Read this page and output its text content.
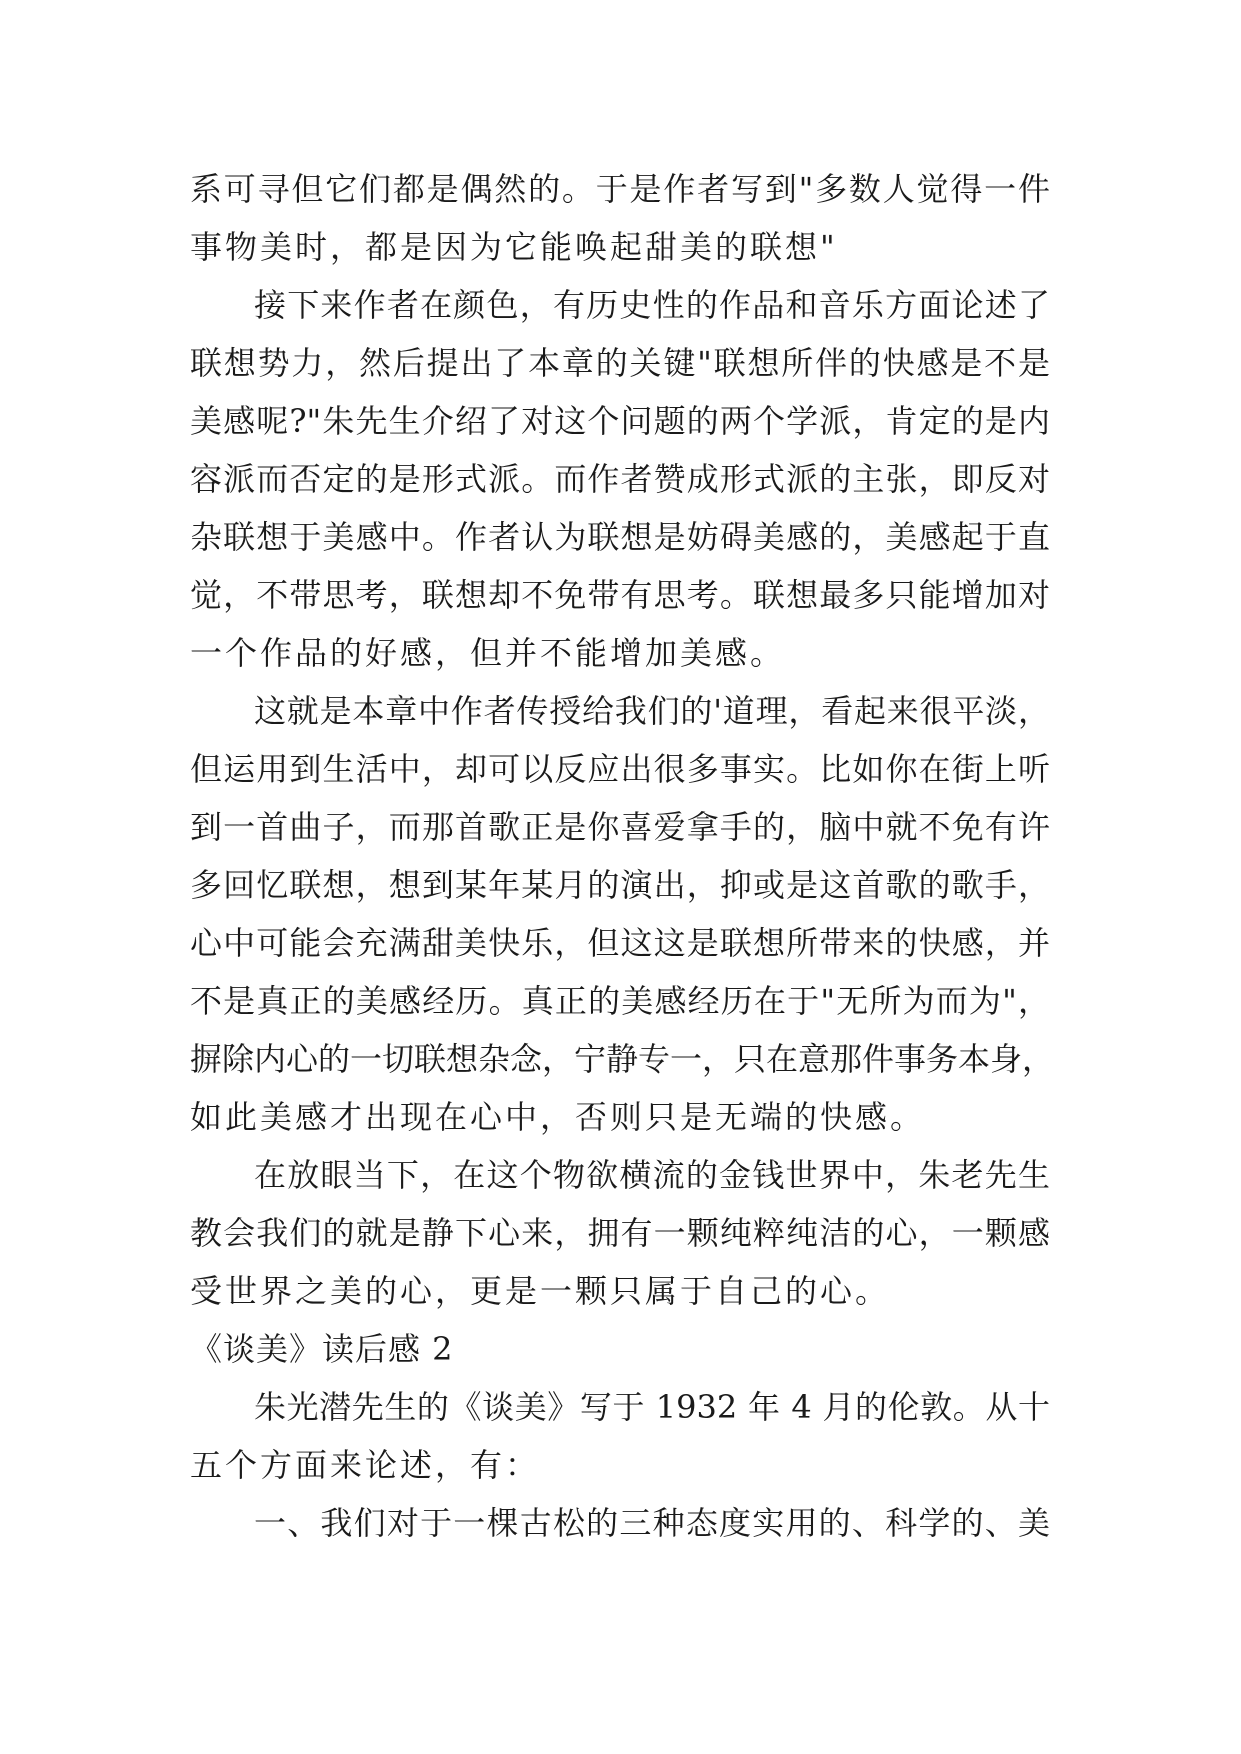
系可寻但它们都是偶然的。于是作者写到"多数人觉得一件
事物美时，都是因为它能唤起甜美的联想"
接下来作者在颜色，有历史性的作品和音乐方面论述了
联想势力，然后提出了本章的关键"联想所伴的快感是不是
美感呢?"朱先生介绍了对这个问题的两个学派，肯定的是内
容派而否定的是形式派。而作者赞成形式派的主张，即反对
杂联想于美感中。作者认为联想是妨碍美感的，美感起于直
觉，不带思考，联想却不免带有思考。联想最多只能增加对
一个作品的好感，但并不能增加美感。
这就是本章中作者传授给我们的'道理，看起来很平淡，
但运用到生活中，却可以反应出很多事实。比如你在街上听
到一首曲子，而那首歌正是你喜爱拿手的，脑中就不免有许
多回忆联想，想到某年某月的演出，抑或是这首歌的歌手，
心中可能会充满甜美快乐，但这这是联想所带来的快感，并
不是真正的美感经历。真正的美感经历在于"无所为而为"，
摒除内心的一切联想杂念，宁静专一，只在意那件事务本身，
如此美感才出现在心中，否则只是无端的快感。
在放眼当下，在这个物欲横流的金钱世界中，朱老先生
教会我们的就是静下心来，拥有一颗纯粹纯洁的心，一颗感
受世界之美的心，更是一颗只属于自己的心。
《谈美》读后感 2
朱光潜先生的《谈美》写于 1932 年 4 月的伦敦。从十
五个方面来论述，有：
一、我们对于一棵古松的三种态度实用的、科学的、美
